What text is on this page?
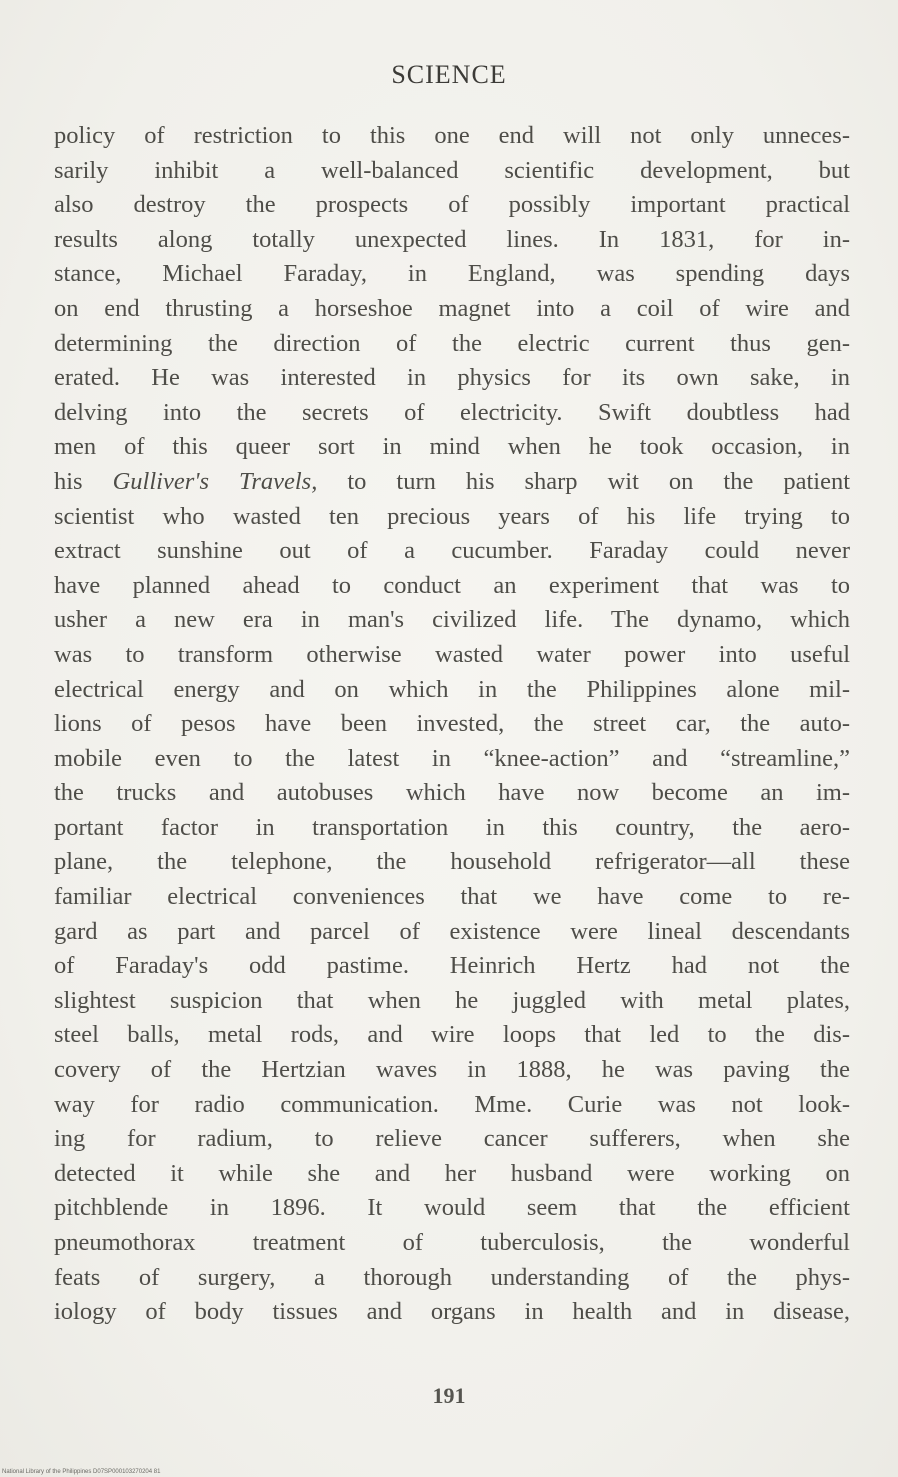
SCIENCE
policy of restriction to this one end will not only unneces-
sarily inhibit a well-balanced scientific development, but
also destroy the prospects of possibly important practical
results along totally unexpected lines. In 1831, for in-
stance, Michael Faraday, in England, was spending days
on end thrusting a horseshoe magnet into a coil of wire and
determining the direction of the electric current thus gen-
erated. He was interested in physics for its own sake, in
delving into the secrets of electricity. Swift doubtless had
men of this queer sort in mind when he took occasion, in
his Gulliver's Travels, to turn his sharp wit on the patient
scientist who wasted ten precious years of his life trying to
extract sunshine out of a cucumber. Faraday could never
have planned ahead to conduct an experiment that was to
usher a new era in man's civilized life. The dynamo, which
was to transform otherwise wasted water power into useful
electrical energy and on which in the Philippines alone mil-
lions of pesos have been invested, the street car, the auto-
mobile even to the latest in “knee-action” and “streamline,”
the trucks and autobuses which have now become an im-
portant factor in transportation in this country, the aero-
plane, the telephone, the household refrigerator—all these
familiar electrical conveniences that we have come to re-
gard as part and parcel of existence were lineal descendants
of Faraday's odd pastime. Heinrich Hertz had not the
slightest suspicion that when he juggled with metal plates,
steel balls, metal rods, and wire loops that led to the dis-
covery of the Hertzian waves in 1888, he was paving the
way for radio communication. Mme. Curie was not look-
ing for radium, to relieve cancer sufferers, when she
detected it while she and her husband were working on
pitchblende in 1896. It would seem that the efficient
pneumothorax treatment of tuberculosis, the wonderful
feats of surgery, a thorough understanding of the phys-
iology of body tissues and organs in health and in disease,
191
National Library of the Philippines D07SP000103270204 81
